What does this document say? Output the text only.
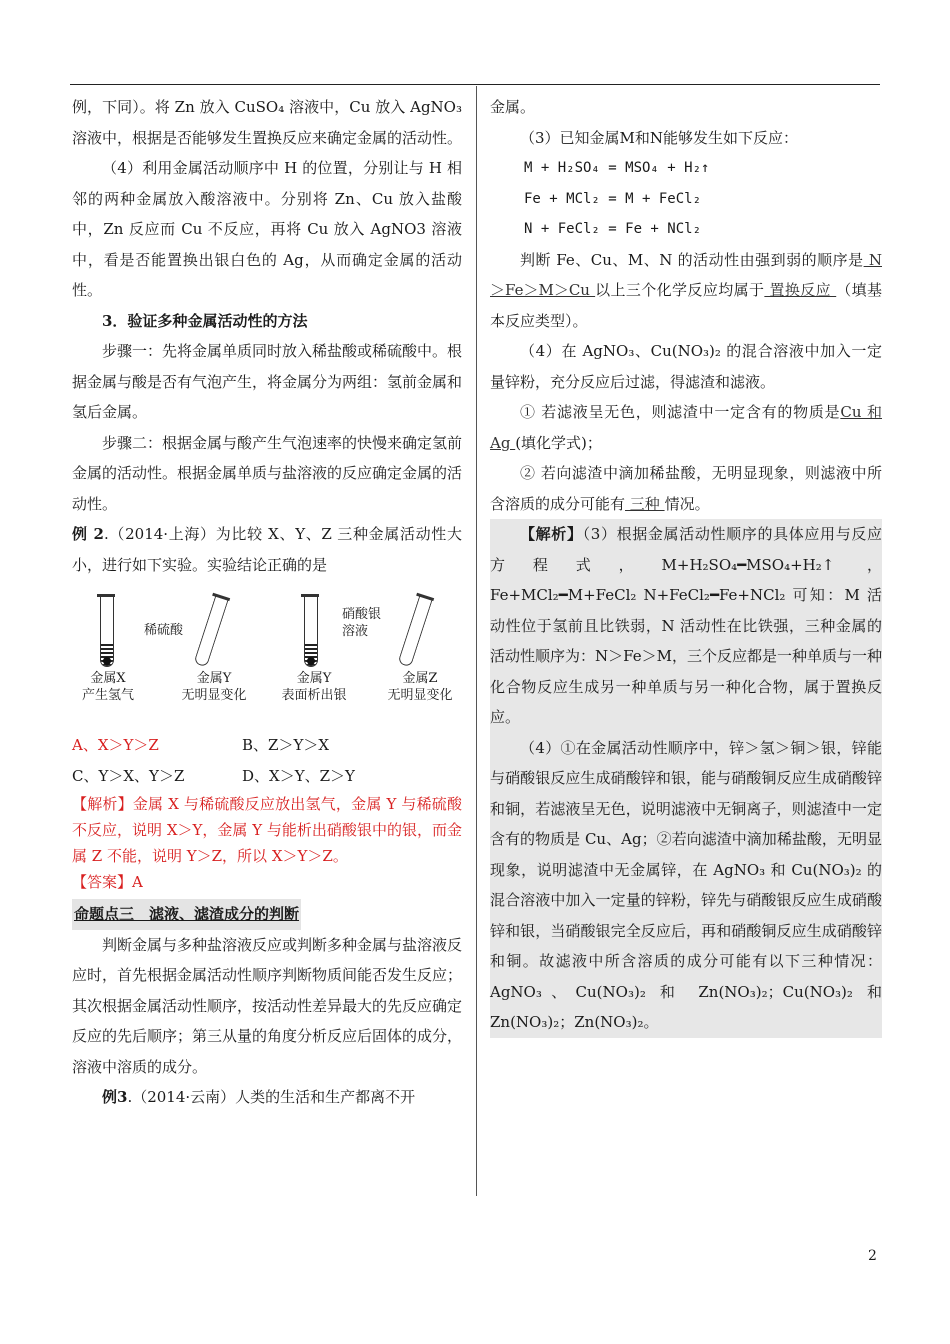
例，下同）。将 Zn 放入 CuSO₄ 溶液中，Cu 放入 AgNO₃ 溶液中，根据是否能够发生置换反应来确定金属的活动性。

（4）利用金属活动顺序中 H 的位置，分别让与 H 相邻的两种金属放入酸溶液中。分别将 Zn、Cu 放入盐酸中，Zn 反应而 Cu 不反应，再将 Cu 放入 AgNO3 溶液中，看是否能置换出银白色的 Ag，从而确定金属的活动性。

3．验证多种金属活动性的方法

步骤一：先将金属单质同时放入稀盐酸或稀硫酸中。根据金属与酸是否有气泡产生，将金属分为两组：氢前金属和氢后金属。

步骤二：根据金属与酸产生气泡速率的快慢来确定氢前金属的活动性。根据金属单质与盐溶液的反应确定金属的活动性。

例 2.（2014·上海）为比较 X、Y、Z 三种金属活动性大小，进行如下实验。实验结论正确的是

稀硫酸
硝酸银溶液
金属X
产生氢气
金属Y
无明显变化
金属Y
表面析出银
金属Z
无明显变化
A、X＞Y＞Z	B、Z＞Y＞X
C、Y＞X、Y＞Z	D、X＞Y、Z＞Y

【解析】金属 X 与稀硫酸反应放出氢气，金属 Y 与稀硫酸不反应，说明 X＞Y，金属 Y 与能析出硝酸银中的银，而金属 Z 不能，说明 Y＞Z，所以 X＞Y＞Z。

【答案】A

命题点三　滤液、滤渣成分的判断

判断金属与多种盐溶液反应或判断多种金属与盐溶液反应时，首先根据金属活动性顺序判断物质间能否发生反应；其次根据金属活动性顺序，按活动性差异最大的先反应确定反应的先后顺序；第三从量的角度分析反应后固体的成分，溶液中溶质的成分。

例3.（2014·云南）人类的生活和生产都离不开

金属。

（3）已知金属M和N能够发生如下反应：

M + H₂SO₄ = MSO₄ + H₂↑

Fe + MCl₂ = M + FeCl₂

N + FeCl₂ = Fe + NCl₂

判断 Fe、Cu、M、N 的活动性由强到弱的顺序是 N＞Fe＞M＞Cu 以上三个化学反应均属于 置换反应 （填基本反应类型）。

（4）在 AgNO₃、Cu(NO₃)₂ 的混合溶液中加入一定量锌粉，充分反应后过滤，得滤渣和滤液。

① 若滤液呈无色，则滤渣中一定含有的物质是Cu 和 Ag (填化学式)；

② 若向滤渣中滴加稀盐酸，无明显现象，则滤液中所含溶质的成分可能有 三种 情况。

【解析】（3）根据金属活动性顺序的具体应用与反应方程式，M+H₂SO₄━MSO₄+H₂↑ ，Fe+MCl₂━M+FeCl₂ N+FeCl₂━Fe+NCl₂ 可知：M 活动性位于氢前且比铁弱，N 活动性在比铁强，三种金属的活动性顺序为：N＞Fe＞M，三个反应都是一种单质与一种化合物反应生成另一种单质与另一种化合物，属于置换反应。

（4）①在金属活动性顺序中，锌＞氢＞铜＞银，锌能与硝酸银反应生成硝酸锌和银，能与硝酸铜反应生成硝酸锌和铜，若滤液呈无色，说明滤液中无铜离子，则滤渣中一定含有的物质是 Cu、Ag；②若向滤渣中滴加稀盐酸，无明显现象，说明滤渣中无金属锌，在 AgNO₃ 和 Cu(NO₃)₂ 的混合溶液中加入一定量的锌粉，锌先与硝酸银反应生成硝酸锌和银，当硝酸银完全反应后，再和硝酸铜反应生成硝酸锌和铜。故滤液中所含溶质的成分可能有以下三种情况：AgNO₃、Cu(NO₃)₂ 和 Zn(NO₃)₂；Cu(NO₃)₂ 和 Zn(NO₃)₂；Zn(NO₃)₂。

2
